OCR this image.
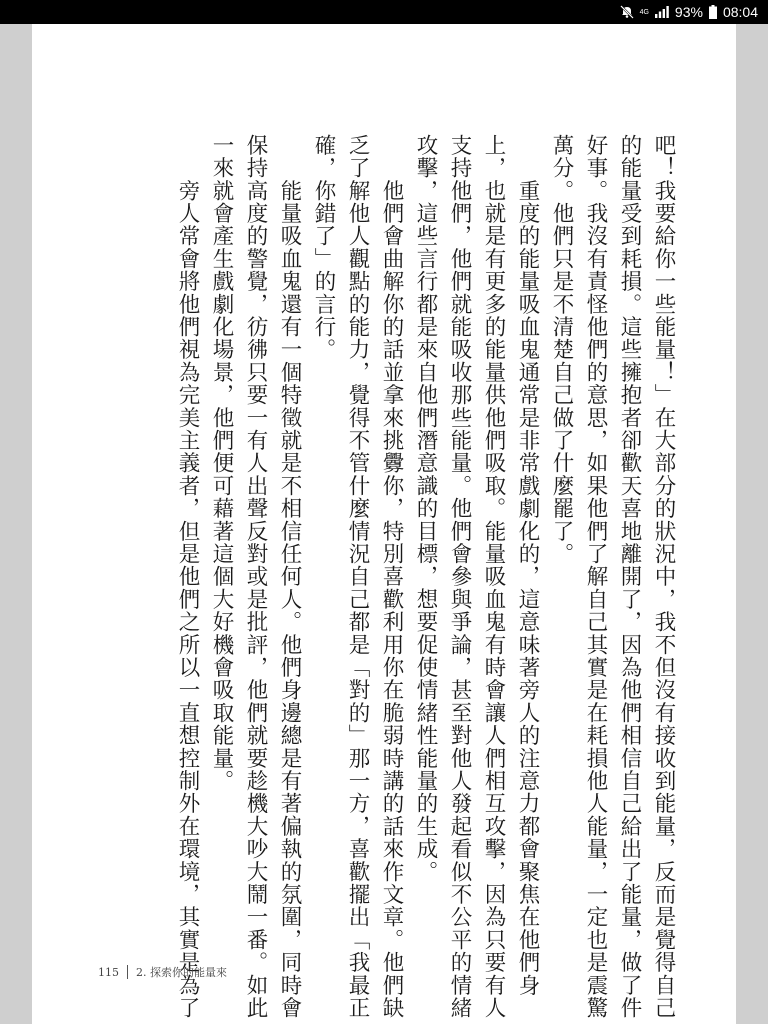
4G 93% 08:04

吧！我要給你一些能量！」在大部分的狀況中，我不但沒有接收到能量，反而是覺得自己

的能量受到耗損。這些擁抱者卻歡天喜地離開了，因為他們相信自己給出了能量，做了件

好事。我沒有責怪他們的意思，如果他們了解自己其實是在耗損他人能量，一定也是震驚

萬分。他們只是不清楚自己做了什麼罷了。

　　重度的能量吸血鬼通常是非常戲劇化的，這意味著旁人的注意力都會聚焦在他們身

上，也就是有更多的能量供他們吸取。能量吸血鬼有時會讓人們相互攻擊，因為只要有人

支持他們，他們就能吸收那些能量。他們會參與爭論，甚至對他人發起看似不公平的情緒

攻擊，這些言行都是來自他們潛意識的目標，想要促使情緒性能量的生成。

　　他們會曲解你的話並拿來挑釁你，特別喜歡利用你在脆弱時講的話來作文章。他們缺

乏了解他人觀點的能力，覺得不管什麼情況自己都是「對的」那一方，喜歡擺出「我最正

確，你錯了」的言行。

　　能量吸血鬼還有一個特徵就是不相信任何人。他們身邊總是有著偏執的氛圍，同時會

保持高度的警覺，彷彿只要一有人出聲反對或是批評，他們就要趁機大吵大鬧一番。如此

一來就會產生戲劇化場景，他們便可藉著這個大好機會吸取能量。

　　旁人常會將他們視為完美主義者，但是他們之所以一直想控制外在環境，其實是為了

115 2. 探索你的能量來
